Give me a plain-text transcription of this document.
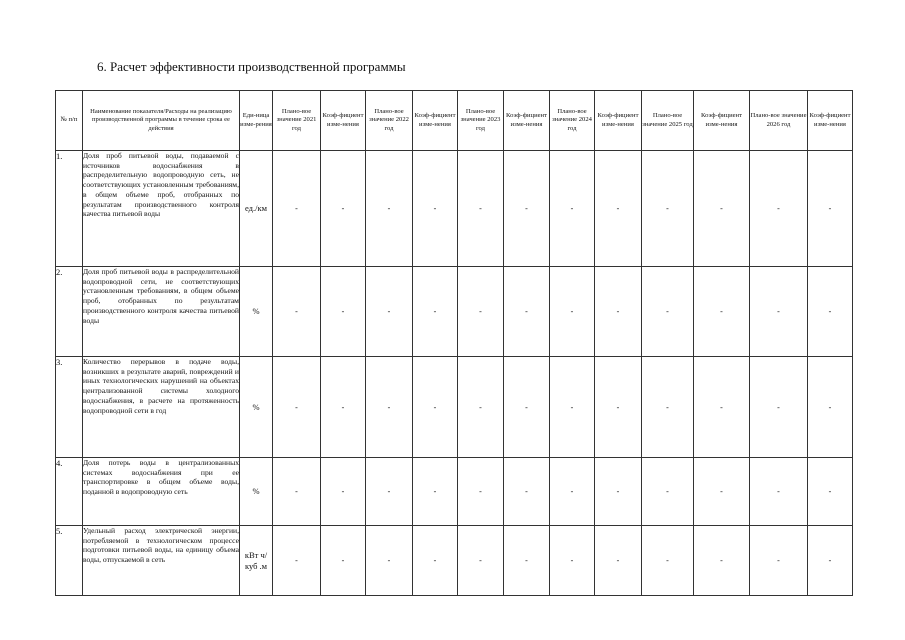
6. Расчет эффективности производственной программы
№ п/п	Наименование показателя/Расходы на реализацию производственной программы в течение срока ее действия	Еди-ница изме-рения	Плано-вое значение 2021 год	Коэф-фициент изме-нения	Плано-вое значение 2022 год	Коэф-фициент изме-нения	Плано-вое значение 2023 год	Коэф-фициент изме-нения	Плано-вое значение 2024 год	Коэф-фициент изме-нения	Плано-вое значение 2025 год	Коэф-фициент изме-нения	Плано-вое значение 2026 год	Коэф-фициент изме-нения
1.	Доля проб питьевой воды, подаваемой с источников водоснабжения в распределительную водопроводную сеть, не соответствующих установленным требованиям, в общем объеме проб, отобранных по результатам производственного контроля качества питьевой воды	ед./км	-	-	-	-	-	-	-	-	-	-	-	-
2.	Доля проб питьевой воды в распределительной водопроводной сети, не соответствующих установленным требованиям, в общем объеме проб, отобранных по результатам производственного контроля качества питьевой воды	%	-	-	-	-	-	-	-	-	-	-	-	-
3.	Количество перерывов в подаче воды, возникших в результате аварий, повреждений и иных технологических нарушений на объектах централизованной системы холодного водоснабжения, в расчете на протяженность водопроводной сети в год	%	-	-	-	-	-	-	-	-	-	-	-	-
4.	Доля потерь воды в централизованных системах водоснабжения при ее транспортировке в общем объеме воды, поданной в водопроводную сеть	%	-	-	-	-	-	-	-	-	-	-	-	-
5.	Удельный расход электрической энергии, потребляемой в технологическом процессе подготовки питьевой воды, на единицу объема воды, отпускаемой в сеть	кВт ч/куб .м	-	-	-	-	-	-	-	-	-	-	-	-
